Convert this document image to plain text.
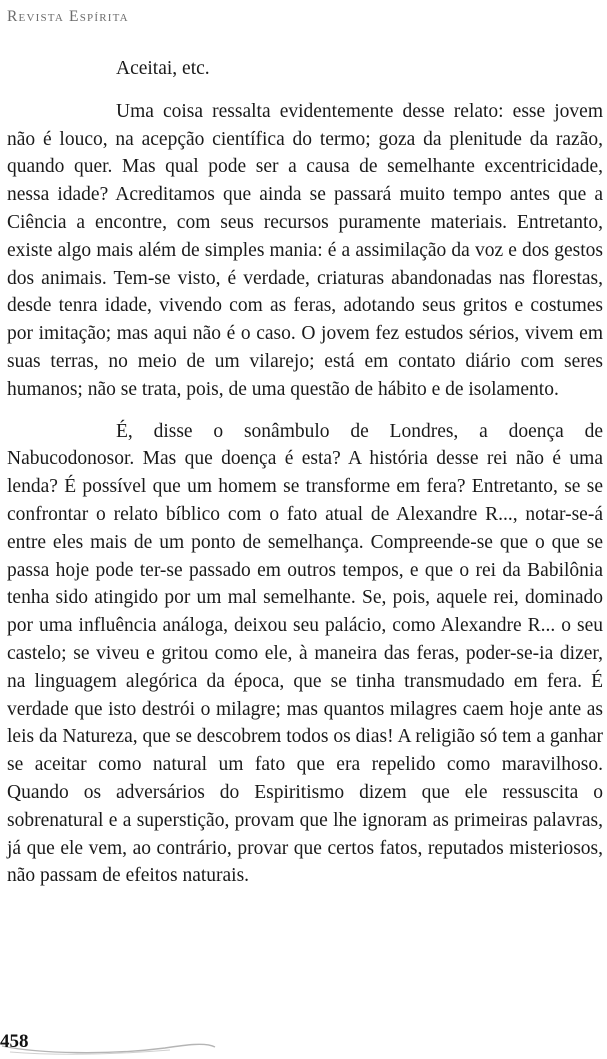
Revista Espírita

Aceitai, etc.

Uma coisa ressalta evidentemente desse relato: esse jovem não é louco, na acepção científica do termo; goza da plenitude da razão, quando quer. Mas qual pode ser a causa de semelhante excentricidade, nessa idade? Acreditamos que ainda se passará muito tempo antes que a Ciência a encontre, com seus recursos puramente materiais. Entretanto, existe algo mais além de simples mania: é a assimilação da voz e dos gestos dos animais. Tem-se visto, é verdade, criaturas abandonadas nas florestas, desde tenra idade, vivendo com as feras, adotando seus gritos e costumes por imitação; mas aqui não é o caso. O jovem fez estudos sérios, vivem em suas terras, no meio de um vilarejo; está em contato diário com seres humanos; não se trata, pois, de uma questão de hábito e de isolamento.

É, disse o sonâmbulo de Londres, a doença de Nabucodonosor. Mas que doença é esta? A história desse rei não é uma lenda? É possível que um homem se transforme em fera? Entretanto, se se confrontar o relato bíblico com o fato atual de Alexandre R..., notar-se-á entre eles mais de um ponto de semelhança. Compreende-se que o que se passa hoje pode ter-se passado em outros tempos, e que o rei da Babilônia tenha sido atingido por um mal semelhante. Se, pois, aquele rei, dominado por uma influência análoga, deixou seu palácio, como Alexandre R... o seu castelo; se viveu e gritou como ele, à maneira das feras, poder-se-ia dizer, na linguagem alegórica da época, que se tinha transmudado em fera. É verdade que isto destrói o milagre; mas quantos milagres caem hoje ante as leis da Natureza, que se descobrem todos os dias! A religião só tem a ganhar se aceitar como natural um fato que era repelido como maravilhoso. Quando os adversários do Espiritismo dizem que ele ressuscita o sobrenatural e a superstição, provam que lhe ignoram as primeiras palavras, já que ele vem, ao contrário, provar que certos fatos, reputados misteriosos, não passam de efeitos naturais.

458
